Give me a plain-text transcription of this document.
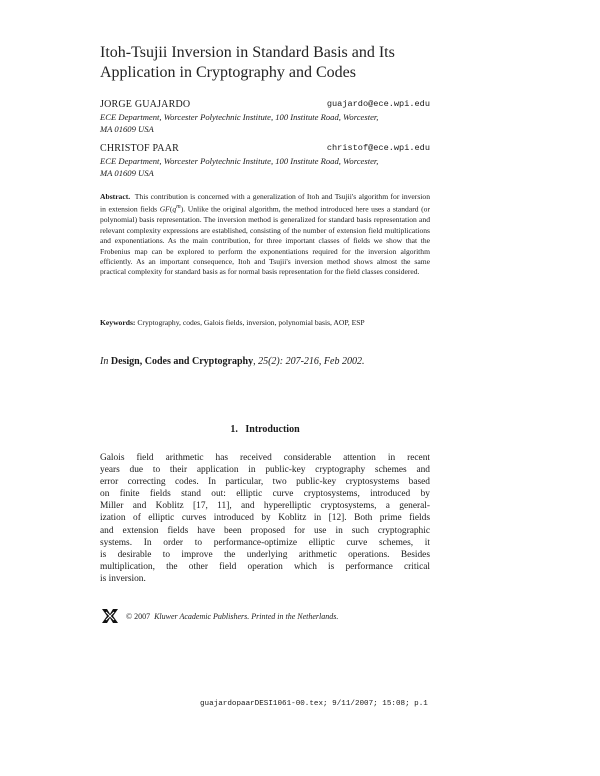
Itoh-Tsujii Inversion in Standard Basis and Its
Application in Cryptography and Codes
JORGE GUAJARDO	guajardo@ece.wpi.edu
ECE Department, Worcester Polytechnic Institute, 100 Institute Road, Worcester,
MA 01609 USA
CHRISTOF PAAR	christof@ece.wpi.edu
ECE Department, Worcester Polytechnic Institute, 100 Institute Road, Worcester,
MA 01609 USA
Abstract. This contribution is concerned with a generalization of Itoh and Tsujii's algorithm for inversion in extension fields $GF(q^m)$. Unlike the original algorithm, the method introduced here uses a standard (or polynomial) basis representation. The inversion method is generalized for standard basis representation and relevant complexity expressions are established, consisting of the number of extension field multiplications and exponentiations. As the main contribution, for three important classes of fields we show that the Frobenius map can be explored to perform the exponentiations required for the inversion algorithm efficiently. As an important consequence, Itoh and Tsujii's inversion method shows almost the same practical complexity for standard basis as for normal basis representation for the field classes considered.
Keywords: Cryptography, codes, Galois fields, inversion, polynomial basis, AOP, ESP
In Design, Codes and Cryptography, 25(2): 207-216, Feb 2002.
1. Introduction
Galois field arithmetic has received considerable attention in recent
years due to their application in public-key cryptography schemes and
error correcting codes. In particular, two public-key cryptosystems based
on finite fields stand out: elliptic curve cryptosystems, introduced by
Miller and Koblitz [17, 11], and hyperelliptic cryptosystems, a general-
ization of elliptic curves introduced by Koblitz in [12]. Both prime fields
and extension fields have been proposed for use in such cryptographic
systems. In order to performance-optimize elliptic curve schemes, it
is desirable to improve the underlying arithmetic operations. Besides
multiplication, the other field operation which is performance critical
is inversion.
© 2007
Kluwer Academic Publishers. Printed in the Netherlands.
guajardopaarDESI1061-00.tex; 9/11/2007; 15:08; p.1
